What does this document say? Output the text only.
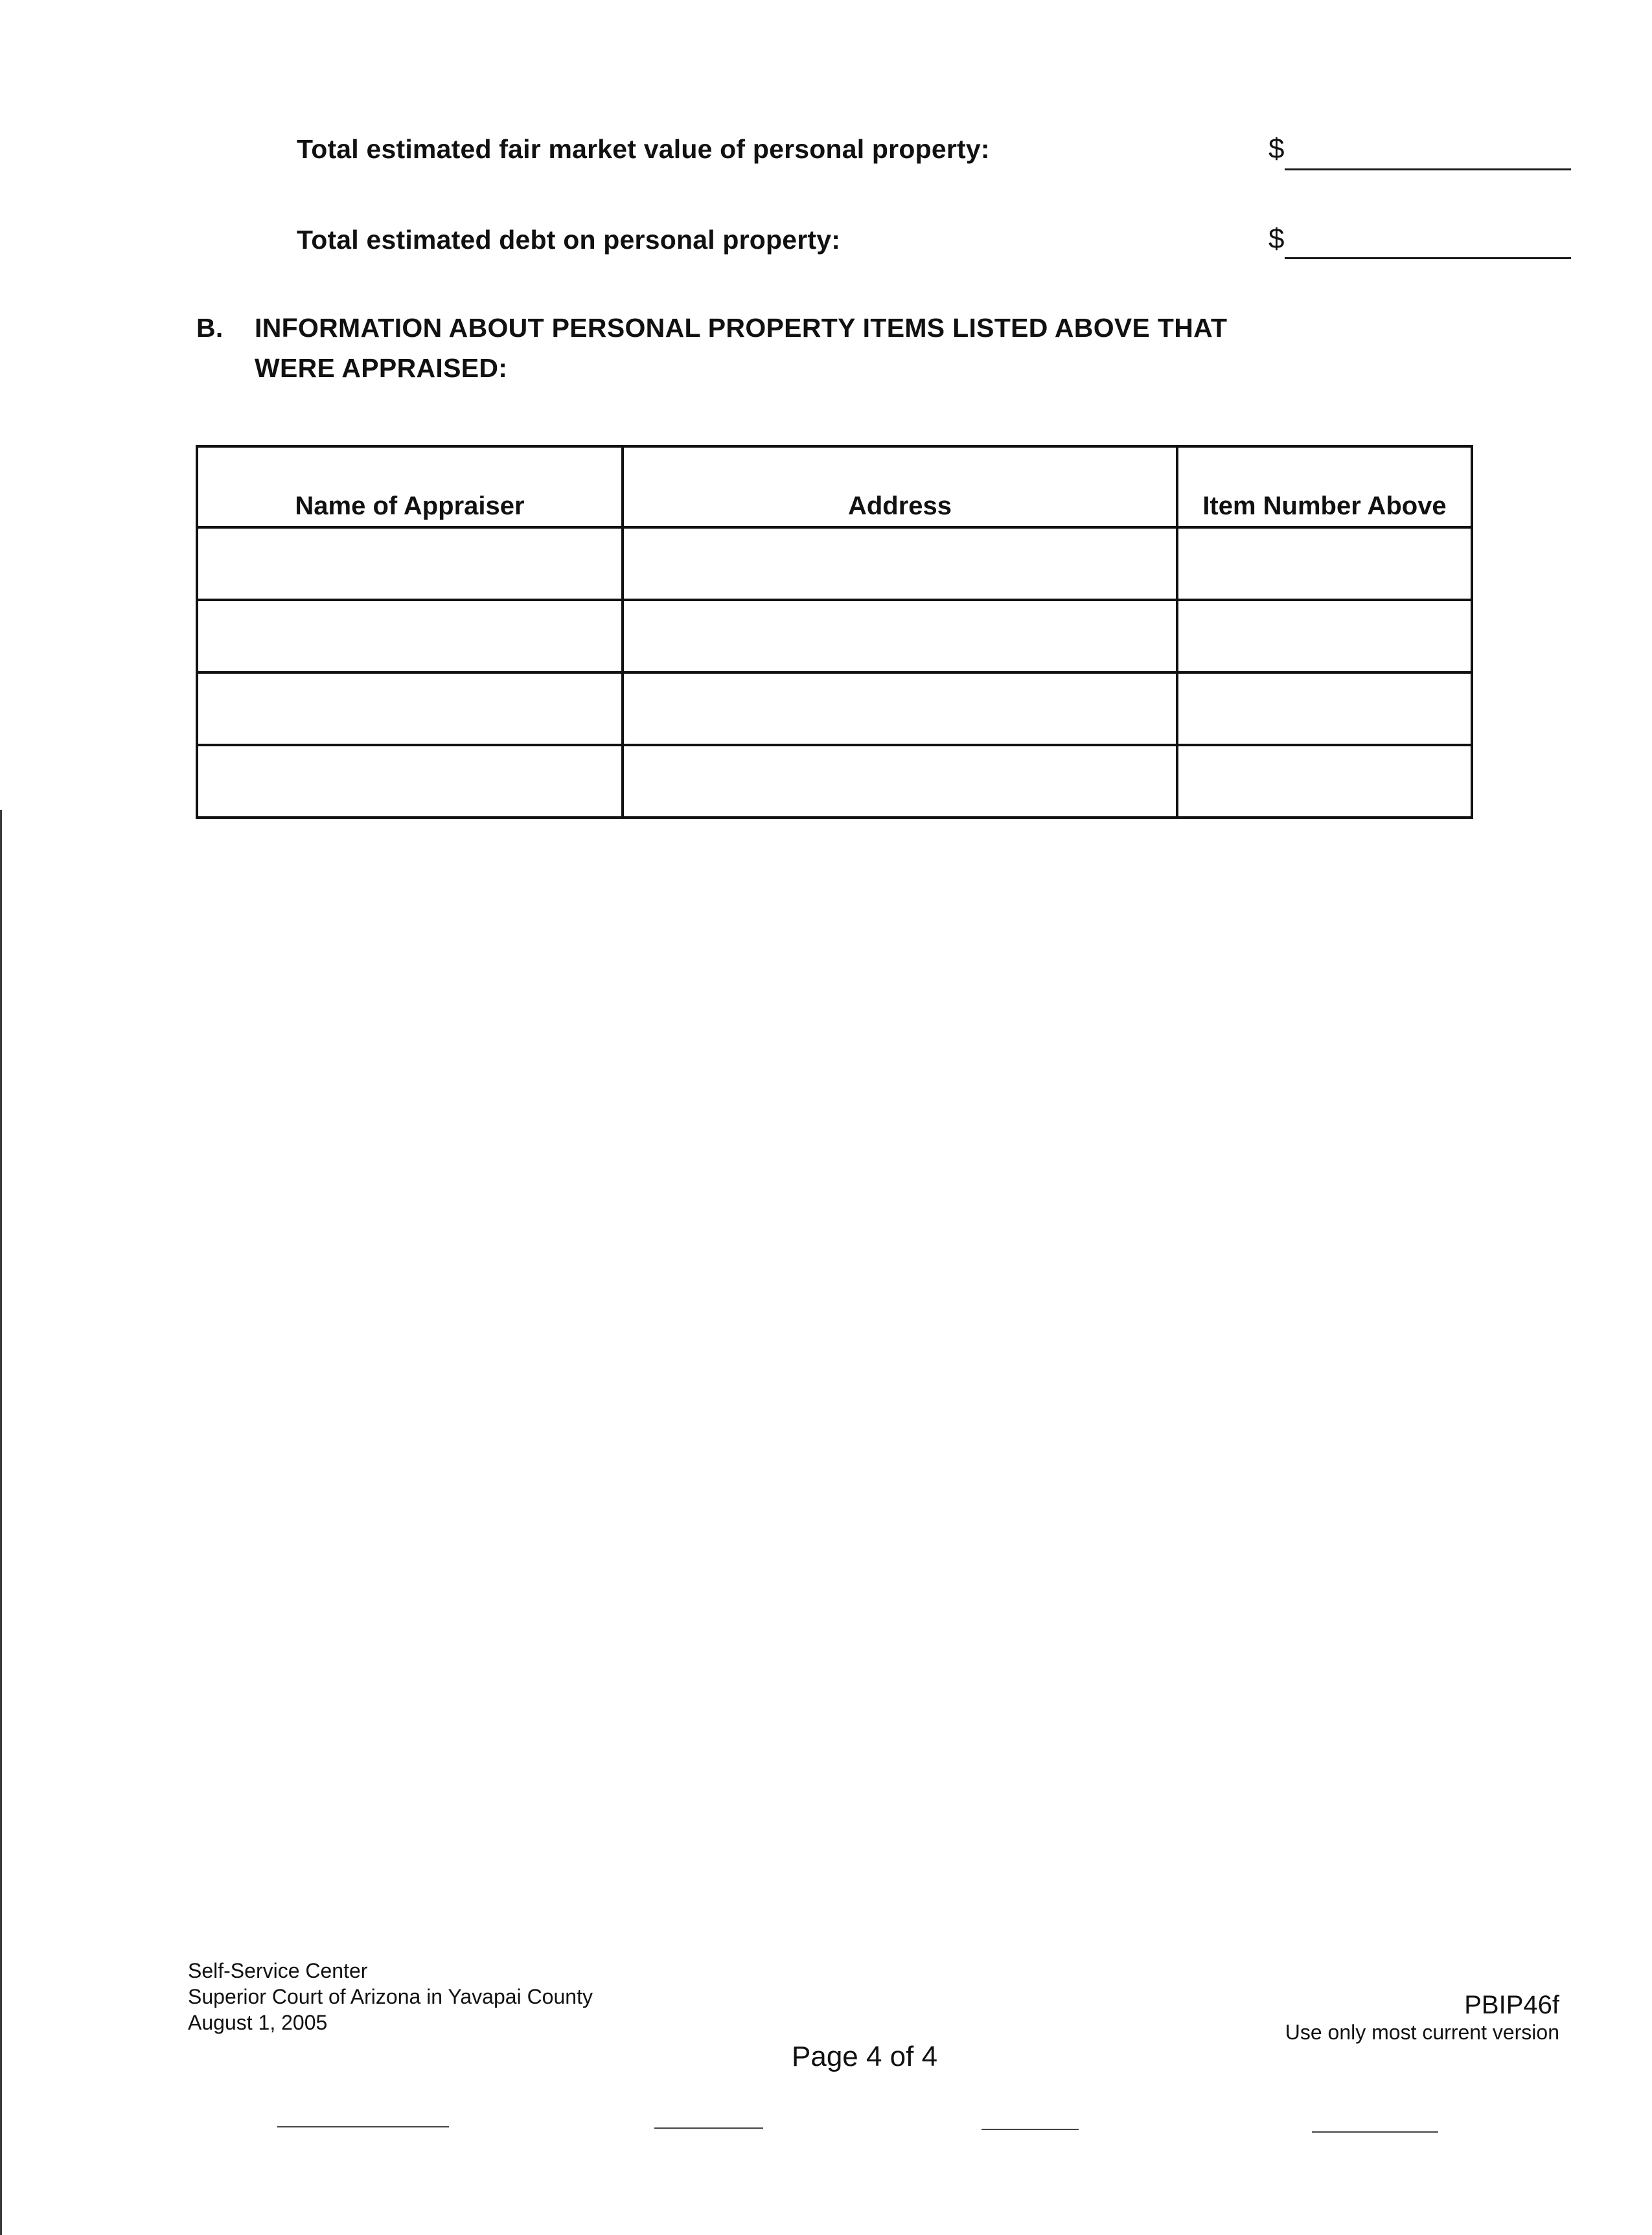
Total estimated fair market value of personal property:	$
Total estimated debt on personal property:	$
B. INFORMATION ABOUT PERSONAL PROPERTY ITEMS LISTED ABOVE THAT
WERE APPRAISED:
Name of Appraiser	Address	Item Number Above

Self-Service Center
Superior Court of Arizona in Yavapai County
August 1, 2005
Page 4 of 4
PBIP46f
Use only most current version
